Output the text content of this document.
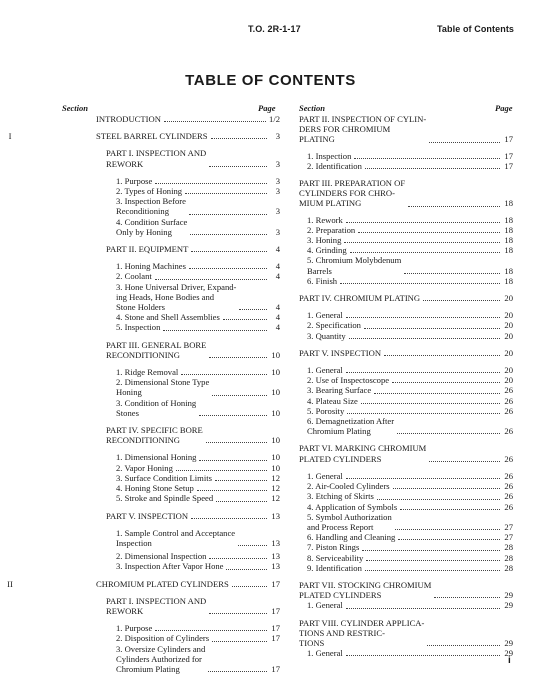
T.O. 2R-1-17	Table of Contents
TABLE OF CONTENTS
Section	Page	Section	Page
INTRODUCTION	1/2
I	STEEL BARREL CYLINDERS	3
PART I. INSPECTION AND
REWORK	3
1. Purpose	3
2. Types of Honing	3
3. Inspection Before
Reconditioning	3
4. Condition Surface
Only by Honing	3
PART II. EQUIPMENT	4
1. Honing Machines	4
2. Coolant	4
3. Hone Universal Driver, Expand-
ing Heads, Hone Bodies and
Stone Holders	4
4. Stone and Shell Assemblies	4
5. Inspection	4
PART III. GENERAL BORE
RECONDITIONING	10
1. Ridge Removal	10
2. Dimensional Stone Type
Honing	10
3. Condition of Honing
Stones	10
PART IV. SPECIFIC BORE
RECONDITIONING	10
1. Dimensional Honing	10
2. Vapor Honing	10
3. Surface Condition Limits	12
4. Honing Stone Setup	12
5. Stroke and Spindle Speed	12
PART V. INSPECTION	13
1. Sample Control and Acceptance
Inspection	13
2. Dimensional Inspection	13
3. Inspection After Vapor Hone	13
II	CHROMIUM PLATED CYLINDERS	17
PART I. INSPECTION AND
REWORK	17
1. Purpose	17
2. Disposition of Cylinders	17
3. Oversize Cylinders and
Cylinders Authorized for
Chromium Plating	17
PART II. INSPECTION OF CYLIN-
DERS FOR CHROMIUM
PLATING	17
1. Inspection	17
2. Identification	17
PART III. PREPARATION OF
CYLINDERS FOR CHRO-
MIUM PLATING	18
1. Rework	18
2. Preparation	18
3. Honing	18
4. Grinding	18
5. Chromium Molybdenum
Barrels	18
6. Finish	18
PART IV. CHROMIUM PLATING	20
1. General	20
2. Specification	20
3. Quantity	20
PART V. INSPECTION	20
1. General	20
2. Use of Inspectoscope	20
3. Bearing Surface	26
4. Plateau Size	26
5. Porosity	26
6. Demagnetization After
Chromium Plating	26
PART VI. MARKING CHROMIUM
PLATED CYLINDERS	26
1. General	26
2. Air-Cooled Cylinders	26
3. Etching of Skirts	26
4. Application of Symbols	26
5. Symbol Authorization
and Process Report	27
6. Handling and Cleaning	27
7. Piston Rings	28
8. Serviceability	28
9. Identification	28
PART VII. STOCKING CHROMIUM
PLATED CYLINDERS	29
1. General	29
PART VIII. CYLINDER APPLICA-
TIONS AND RESTRIC-
TIONS	29
1. General	29
i
